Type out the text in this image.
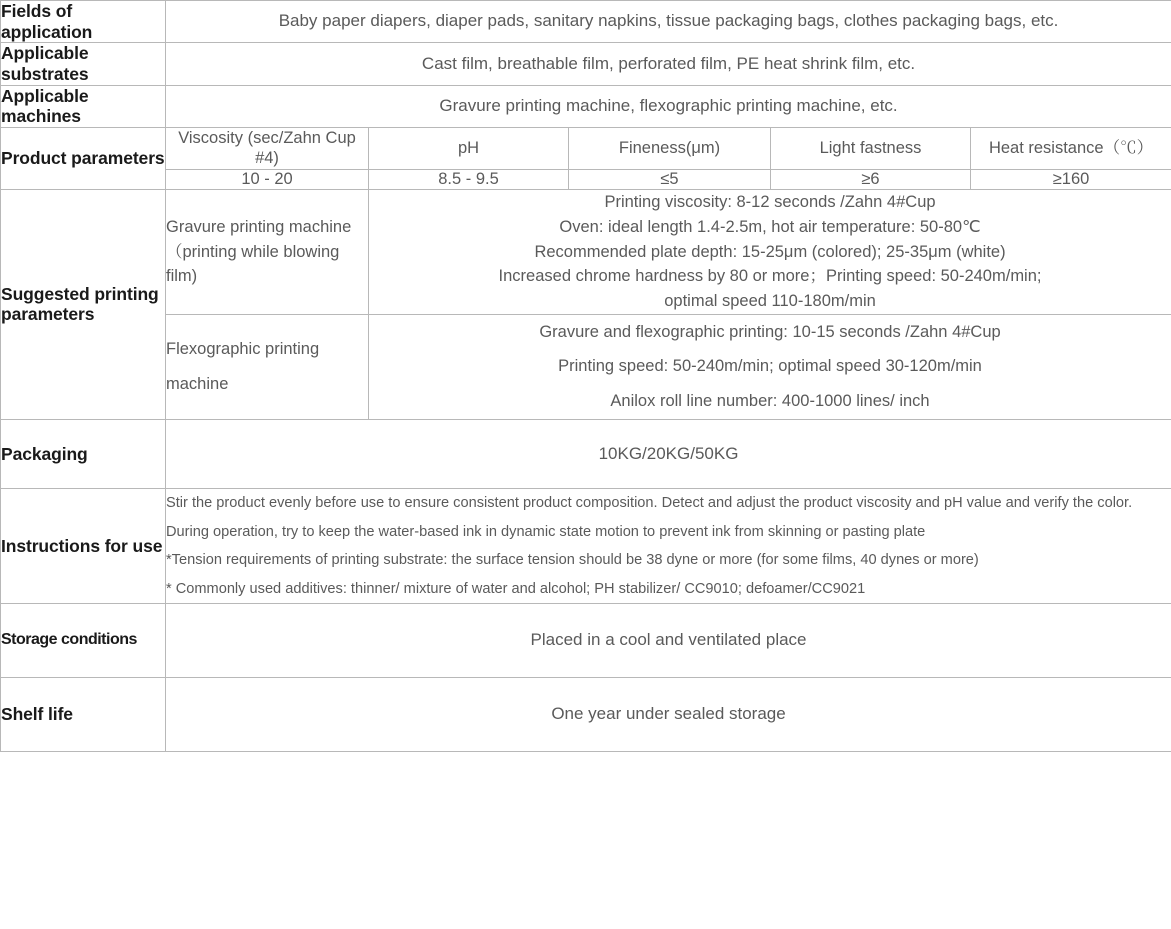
Fields of application	Baby paper diapers, diaper pads, sanitary napkins, tissue packaging bags, clothes packaging bags, etc.				
Applicable substrates	Cast film, breathable film, perforated film, PE heat shrink film, etc.				
Applicable machines	Gravure printing machine, flexographic printing machine, etc.				
Product parameters	Viscosity (sec/Zahn Cup #4)	pH	Fineness(μm)	Light fastness	Heat resistance（℃）
	10 - 20	8.5 - 9.5	≤5	≥6	≥160
Suggested printing parameters	Gravure printing machine （printing while blowing film)	Printing viscosity: 8-12 seconds /Zahn 4#Cup
Oven: ideal length 1.4-2.5m, hot air temperature: 50-80℃
Recommended plate depth: 15-25μm (colored); 25-35μm (white)
Increased chrome hardness by 80 or more；Printing speed: 50-240m/min;
optimal speed 110-180m/min			

	Flexographic printing machine	Gravure and flexographic printing: 10-15 seconds /Zahn 4#Cup
Printing speed: 50-240m/min; optimal speed 30-120m/min
Anilox roll line number: 400-1000 lines/ inch			

Packaging	10KG/20KG/50KG				
Instructions for use	Stir the product evenly before use to ensure consistent product composition. Detect and adjust the product viscosity and pH value and verify the color. During operation, try to keep the water-based ink in dynamic state motion to prevent ink from skinning or pasting plate

*Tension requirements of printing substrate: the surface tension should be 38 dyne or more (for some films, 40 dynes or more)

* Commonly used additives: thinner/ mixture of water and alcohol; PH stabilizer/ CC9010; defoamer/CC9021				

Storage conditions	Placed in a cool and ventilated place				
Shelf life	One year under sealed storage				
